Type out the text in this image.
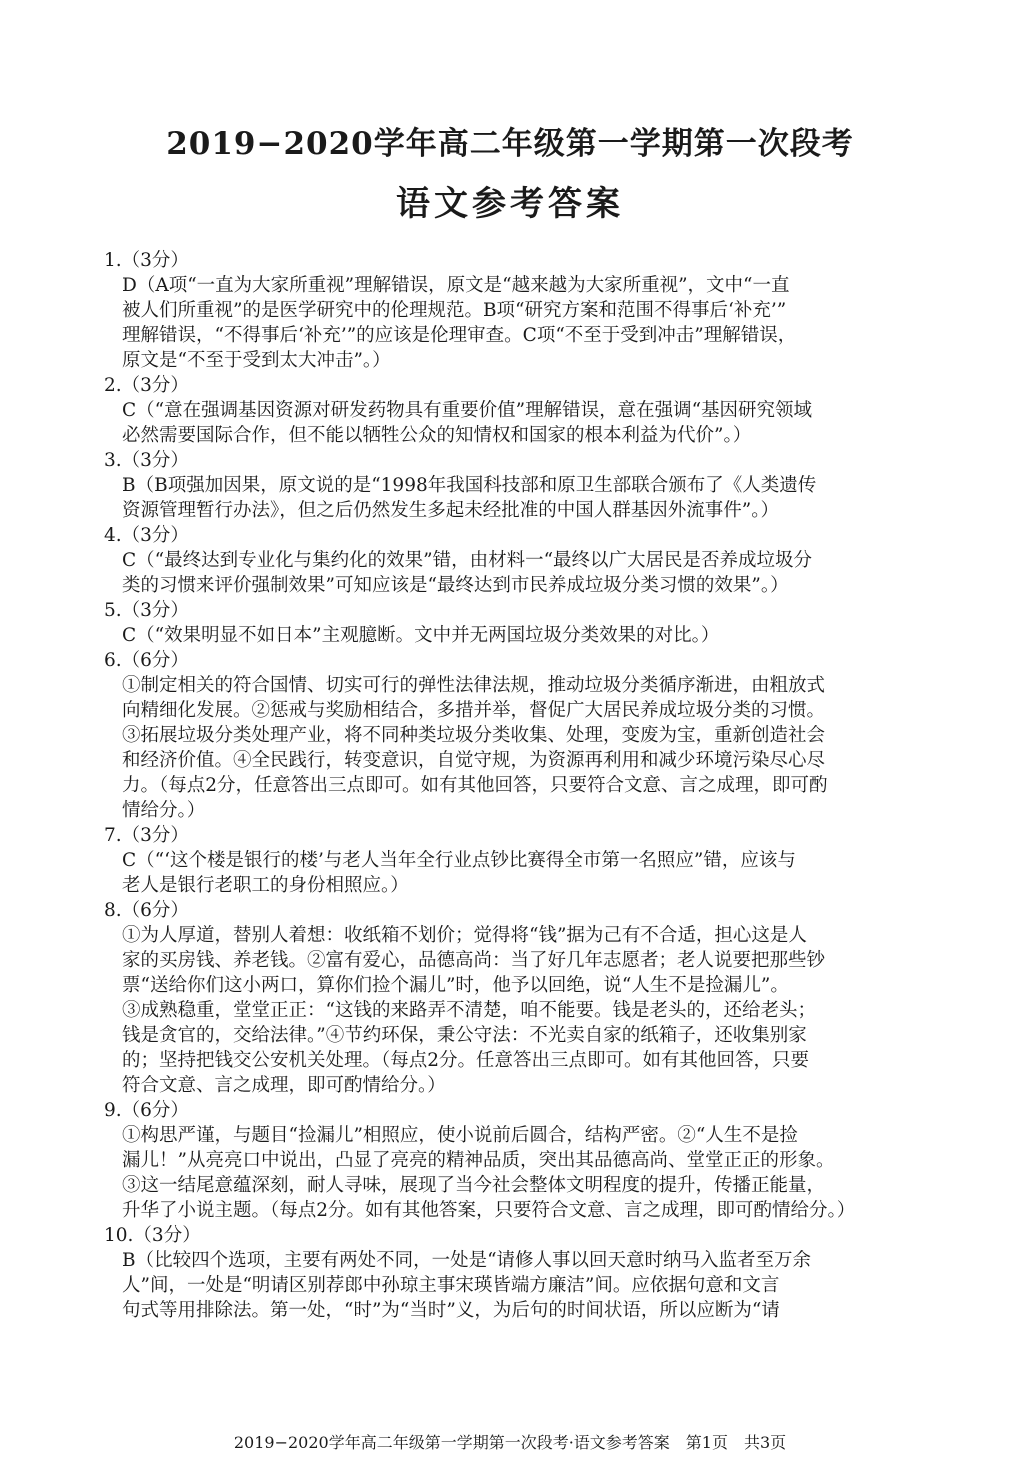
2019−2020学年高二年级第一学期第一次段考
语文参考答案
1.（3分）
D（A项“一直为大家所重视”理解错误，原文是“越来越为大家所重视”，文中“一直
被人们所重视”的是医学研究中的伦理规范。B项“研究方案和范围不得事后‘补充’”
理解错误，“不得事后‘补充’”的应该是伦理审查。C项“不至于受到冲击”理解错误，
原文是“不至于受到太大冲击”。）
2.（3分）
C（“意在强调基因资源对研发药物具有重要价值”理解错误，意在强调“基因研究领域
必然需要国际合作，但不能以牺牲公众的知情权和国家的根本利益为代价”。）
3.（3分）
B（B项强加因果，原文说的是“1998年我国科技部和原卫生部联合颁布了《人类遗传
资源管理暂行办法》，但之后仍然发生多起未经批准的中国人群基因外流事件”。）
4.（3分）
C（“最终达到专业化与集约化的效果”错，由材料一“最终以广大居民是否养成垃圾分
类的习惯来评价强制效果”可知应该是“最终达到市民养成垃圾分类习惯的效果”。）
5.（3分）
C（“效果明显不如日本”主观臆断。文中并无两国垃圾分类效果的对比。）
6.（6分）
①制定相关的符合国情、切实可行的弹性法律法规，推动垃圾分类循序渐进，由粗放式
向精细化发展。②惩戒与奖励相结合，多措并举，督促广大居民养成垃圾分类的习惯。
③拓展垃圾分类处理产业，将不同种类垃圾分类收集、处理，变废为宝，重新创造社会
和经济价值。④全民践行，转变意识，自觉守规，为资源再利用和减少环境污染尽心尽
力。（每点2分，任意答出三点即可。如有其他回答，只要符合文意、言之成理，即可酌
情给分。）
7.（3分）
C（“‘这个楼是银行的楼’与老人当年全行业点钞比赛得全市第一名照应”错，应该与
老人是银行老职工的身份相照应。）
8.（6分）
①为人厚道，替别人着想：收纸箱不划价；觉得将“钱”据为己有不合适，担心这是人
家的买房钱、养老钱。②富有爱心，品德高尚：当了好几年志愿者；老人说要把那些钞
票“送给你们这小两口，算你们捡个漏儿”时，他予以回绝，说“人生不是捡漏儿”。
③成熟稳重，堂堂正正：“这钱的来路弄不清楚，咱不能要。钱是老头的，还给老头；
钱是贪官的，交给法律。”④节约环保，秉公守法：不光卖自家的纸箱子，还收集别家
的；坚持把钱交公安机关处理。（每点2分。任意答出三点即可。如有其他回答，只要
符合文意、言之成理，即可酌情给分。）
9.（6分）
①构思严谨，与题目“捡漏儿”相照应，使小说前后圆合，结构严密。②“人生不是捡
漏儿！”从亮亮口中说出，凸显了亮亮的精神品质，突出其品德高尚、堂堂正正的形象。
③这一结尾意蕴深刻，耐人寻味，展现了当今社会整体文明程度的提升，传播正能量，
升华了小说主题。（每点2分。如有其他答案，只要符合文意、言之成理，即可酌情给分。）
10.（3分）
B（比较四个选项，主要有两处不同，一处是“请修人事以回天意时纳马入监者至万余
人”间，一处是“明请区别荐郎中孙琼主事宋瑛皆端方廉洁”间。应依据句意和文言
句式等用排除法。第一处，“时”为“当时”义，为后句的时间状语，所以应断为“请
2019−2020学年高二年级第一学期第一次段考·语文参考答案　第1页　共3页
